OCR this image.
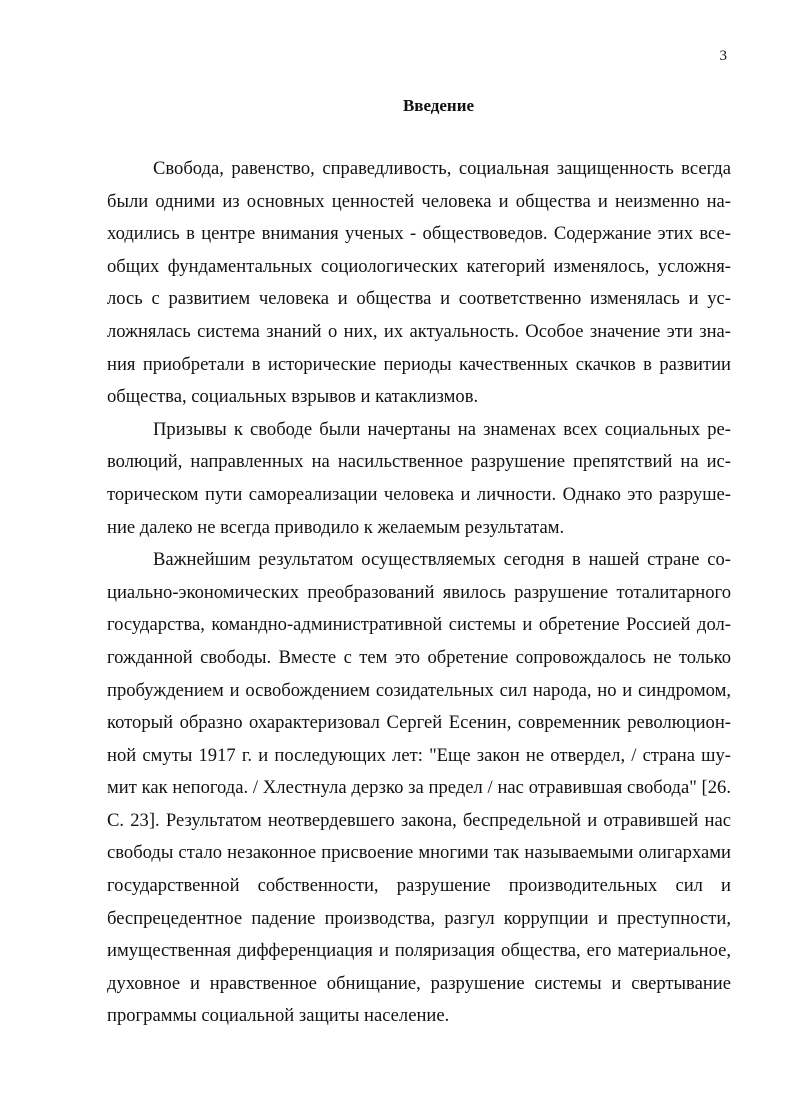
3
Введение

Свобода, равенство, справедливость, социальная защищенность всегда были одними из основных ценностей человека и общества и неизменно находились в центре внимания ученых - обществоведов. Содержание этих всеобщих фундаментальных социологических категорий изменялось, усложнялось с развитием человека и общества и соответственно изменялась и усложнялась система знаний о них, их актуальность. Особое значение эти знания приобретали в исторические периоды качественных скачков в развитии общества, социальных взрывов и катаклизмов.

Призывы к свободе были начертаны на знаменах всех социальных революций, направленных на насильственное разрушение препятствий на историческом пути самореализации человека и личности. Однако это разрушение далеко не всегда приводило к желаемым результатам.

Важнейшим результатом осуществляемых сегодня в нашей стране социально-экономических преобразований явилось разрушение тоталитарного государства, командно-административной системы и обретение Россией долгожданной свободы. Вместе с тем это обретение сопровождалось не только пробуждением и освобождением созидательных сил народа, но и синдромом, который образно охарактеризовал Сергей Есенин, современник революционной смуты 1917 г. и последующих лет: "Еще закон не отвердел, / страна шумит как непогода. / Хлестнула дерзко за предел / нас отравившая свобода" [26. С. 23]. Результатом неотвердевшего закона, беспредельной и отравившей нас свободы стало незаконное присвоение многими так называемыми олигархами государственной собственности, разрушение производительных сил и беспрецедентное падение производства, разгул коррупции и преступности, имущественная дифференциация и поляризация общества, его материальное, духовное и нравственное обнищание, разрушение системы и свертывание программы социальной защиты население.
